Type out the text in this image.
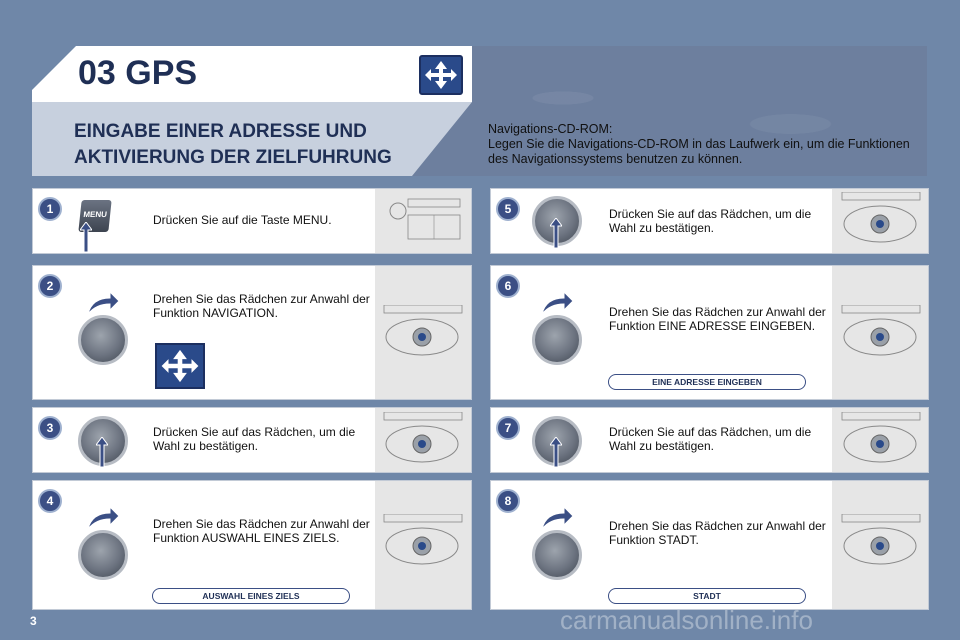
03 GPS
EINGABE EINER ADRESSE UND AKTIVIERUNG DER ZIELFUHRUNG
Navigations-CD-ROM:
Legen Sie die Navigations-CD-ROM in das Laufwerk ein, um die Funktionen des Navigationssystems benutzen zu können.
1	MENU	Drücken Sie auf die Taste MENU.
2
Drehen Sie das Rädchen zur Anwahl der Funktion NAVIGATION.
3	Drücken Sie auf das Rädchen, um die Wahl zu bestätigen.
4
Drehen Sie das Rädchen zur Anwahl der Funktion AUSWAHL EINES ZIELS.
AUSWAHL EINES ZIELS
5	Drücken Sie auf das Rädchen, um die Wahl zu bestätigen.
6
Drehen Sie das Rädchen zur Anwahl der Funktion EINE ADRESSE EINGEBEN.
EINE ADRESSE EINGEBEN
7	Drücken Sie auf das Rädchen, um die Wahl zu bestätigen.
8
Drehen Sie das Rädchen zur Anwahl der Funktion STADT.
STADT
3	carmanualsonline.info
